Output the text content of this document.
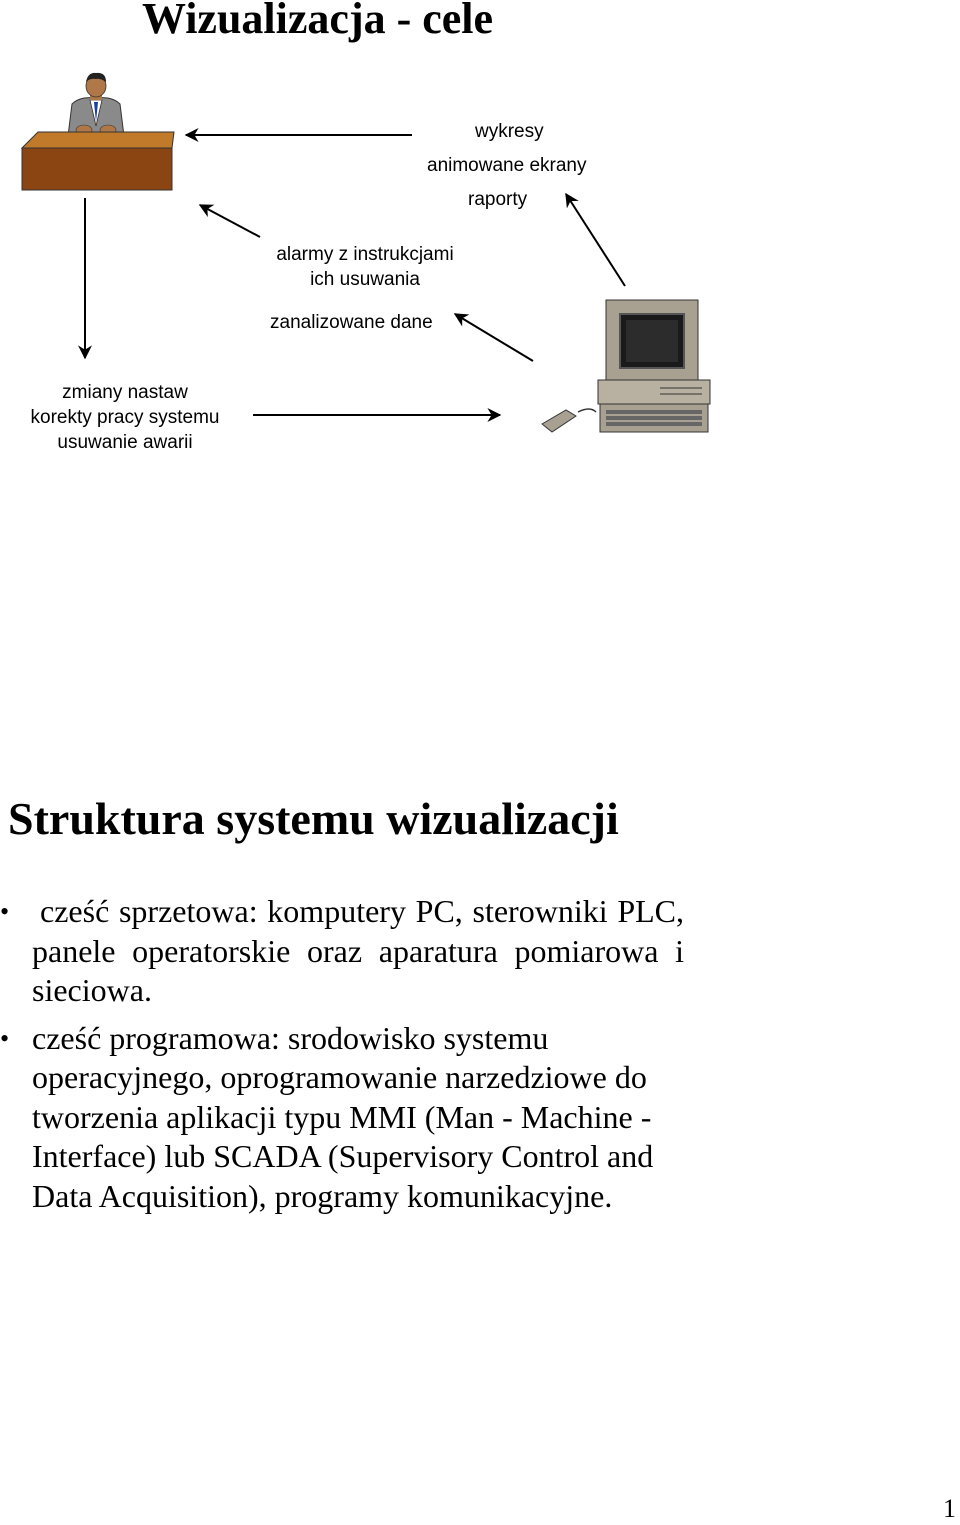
Wizualizacja - cele
wykresy
animowane ekrany
raporty
alarmy z instrukcjami
ich usuwania
zanalizowane dane
zmiany nastaw
korekty pracy systemu
usuwanie awarii
Struktura systemu wizualizacji
• cześć sprzetowa: komputery PC, sterowniki PLC, panele operatorskie oraz aparatura pomiarowa i sieciowa.
• cześć programowa: srodowisko systemu operacyjnego, oprogramowanie narzedziowe do tworzenia aplikacji typu MMI (Man - Machine - Interface) lub SCADA (Supervisory Control and Data Acquisition), programy komunikacyjne.
1
